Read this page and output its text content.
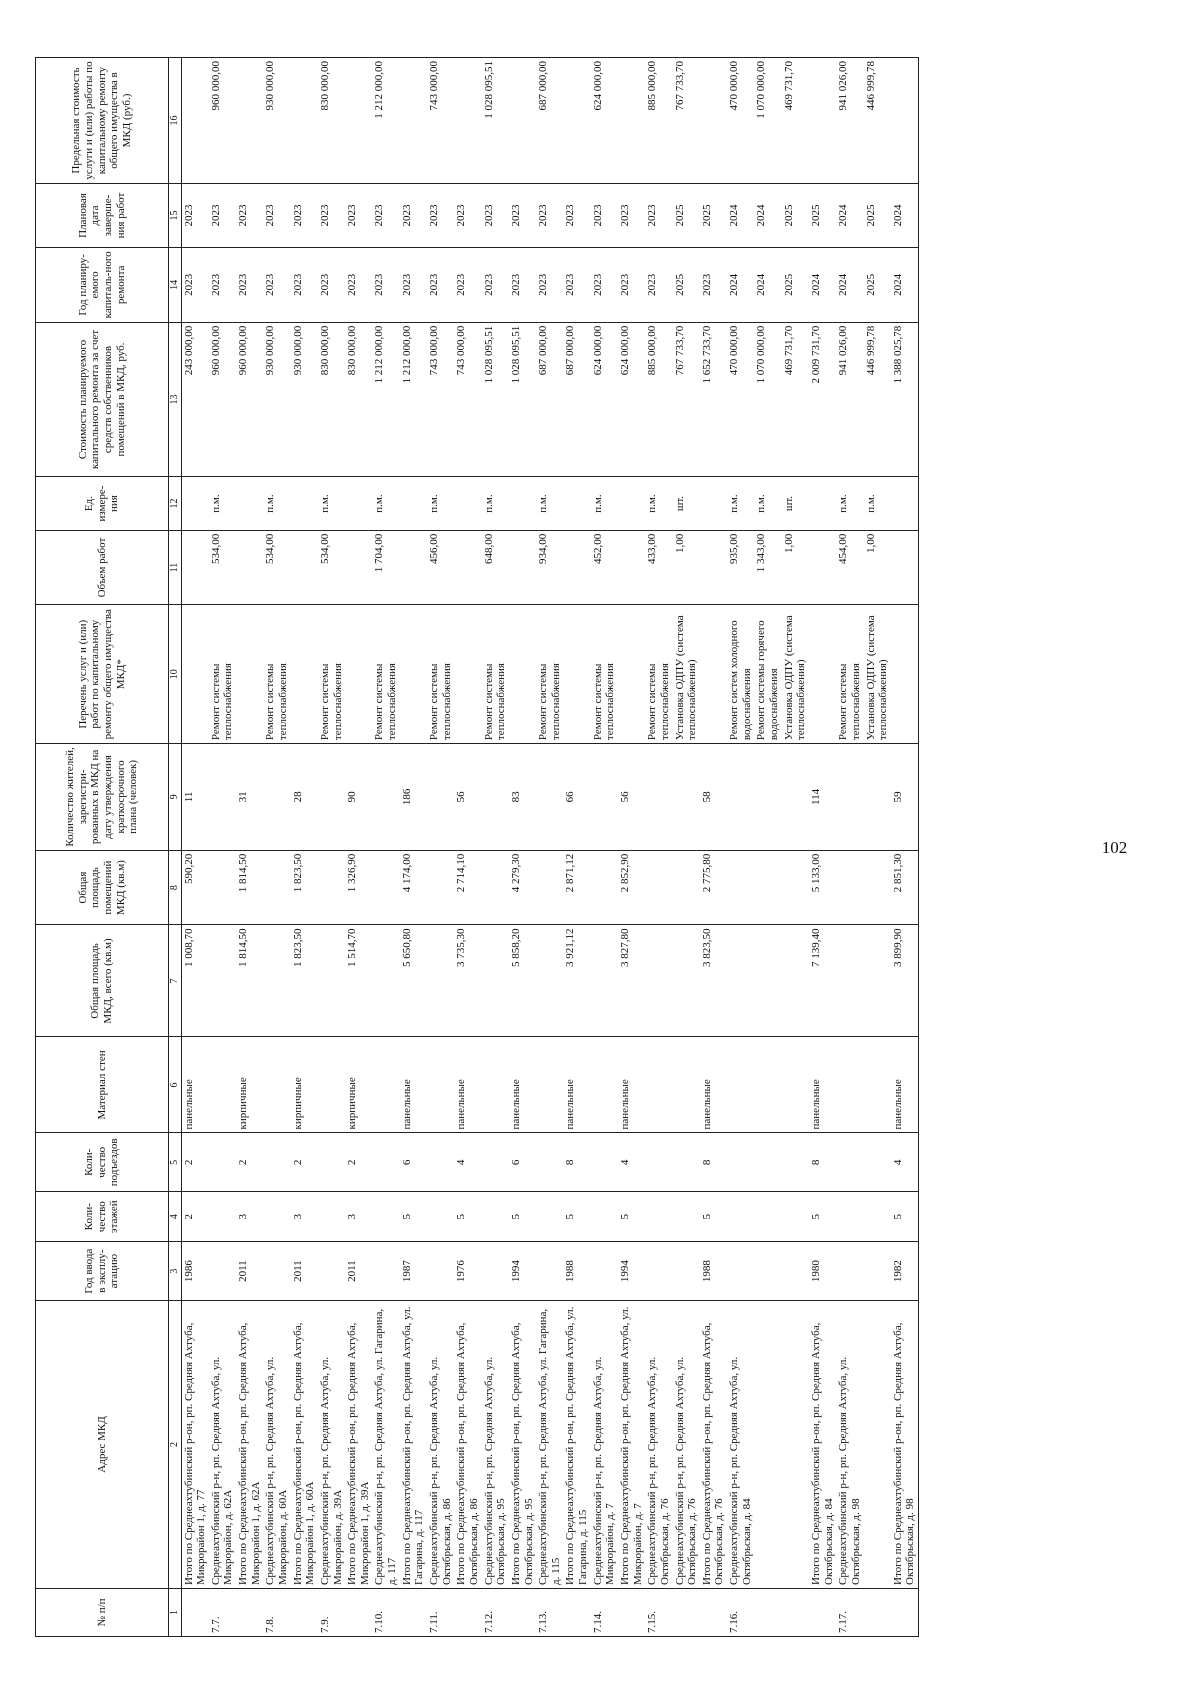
102
№ п/п	Адрес МКД	Год ввода в эксплу-атацию	Коли-чество этажей	Коли-чество подъездов	Материал стен	Общая площадь МКД, всего (кв.м)	Общая площадь помещений МКД (кв.м)	Количество жителей, зарегистри-рованных в МКД на дату утверждения краткосрочного плана (человек)	Перечень услуг и (или) работ по капитальному ремонту общего имущества МКД*	Объем работ	Ед. измере-ния	Стоимость планируемого капитального ремонта за счет средств собственников помещений в МКД, руб.	Год планиру-емого капиталь-ного ремонта	Плановая дата заверше-ния работ	Предельная стоимость услуги и (или) работы по капитальному ремонту общего имущества в МКД (руб.)
1	2	3	4	5	6	7	8	9	10	11	12	13	14	15	16
	Итого по Среднеахтубинский р-он, рп. Средняя Ахтуба, Микрорайон 1, д. 77	1986	2	2	панельные	1 008,70	590,20	11				243 000,00	2023	2023	
7.7.	Среднеахтубинский р-н, рп. Средняя Ахтуба, ул. Микрорайон, д. 62А								Ремонт системы теплоснабжения	534,00	п.м.	960 000,00	2023	2023	960 000,00
	Итого по Среднеахтубинский р-он, рп. Средняя Ахтуба, Микрорайон 1, д. 62А	2011	3	2	кирпичные	1 814,50	1 814,50	31				960 000,00	2023	2023	
7.8.	Среднеахтубинский р-н, рп. Средняя Ахтуба, ул. Микрорайон, д. 60А								Ремонт системы теплоснабжения	534,00	п.м.	930 000,00	2023	2023	930 000,00
	Итого по Среднеахтубинский р-он, рп. Средняя Ахтуба, Микрорайон 1, д. 60А	2011	3	2	кирпичные	1 823,50	1 823,50	28				930 000,00	2023	2023	
7.9.	Среднеахтубинский р-н, рп. Средняя Ахтуба, ул. Микрорайон, д. 39А								Ремонт системы теплоснабжения	534,00	п.м.	830 000,00	2023	2023	830 000,00
	Итого по Среднеахтубинский р-он, рп. Средняя Ахтуба, Микрорайон 1, д. 39А	2011	3	2	кирпичные	1 514,70	1 326,90	90				830 000,00	2023	2023	
7.10.	Среднеахтубинский р-н, рп. Средняя Ахтуба, ул. Гагарина, д. 117								Ремонт системы теплоснабжения	1 704,00	п.м.	1 212 000,00	2023	2023	1 212 000,00
	Итого по Среднеахтубинский р-он, рп. Средняя Ахтуба, ул. Гагарина, д. 117	1987	5	6	панельные	5 650,80	4 174,00	186				1 212 000,00	2023	2023	
7.11.	Среднеахтубинский р-н, рп. Средняя Ахтуба, ул. Октябрьская, д. 86								Ремонт системы теплоснабжения	456,00	п.м.	743 000,00	2023	2023	743 000,00
	Итого по Среднеахтубинский р-он, рп. Средняя Ахтуба, Октябрьская, д. 86	1976	5	4	панельные	3 735,30	2 714,10	56				743 000,00	2023	2023	
7.12.	Среднеахтубинский р-н, рп. Средняя Ахтуба, ул. Октябрьская, д. 95								Ремонт системы теплоснабжения	648,00	п.м.	1 028 095,51	2023	2023	1 028 095,51
	Итого по Среднеахтубинский р-он, рп. Средняя Ахтуба, Октябрьская, д. 95	1994	5	6	панельные	5 858,20	4 279,30	83				1 028 095,51	2023	2023	
7.13.	Среднеахтубинский р-н, рп. Средняя Ахтуба, ул. Гагарина, д. 115								Ремонт системы теплоснабжения	934,00	п.м.	687 000,00	2023	2023	687 000,00
	Итого по Среднеахтубинский р-он, рп. Средняя Ахтуба, ул. Гагарина, д. 115	1988	5	8	панельные	3 921,12	2 871,12	66				687 000,00	2023	2023	
7.14.	Среднеахтубинский р-н, рп. Средняя Ахтуба, ул. Микрорайон, д. 7								Ремонт системы теплоснабжения	452,00	п.м.	624 000,00	2023	2023	624 000,00
	Итого по Среднеахтубинский р-он, рп. Средняя Ахтуба, ул. Микрорайон, д. 7	1994	5	4	панельные	3 827,80	2 852,90	56				624 000,00	2023	2023	
7.15.	Среднеахтубинский р-н, рп. Средняя Ахтуба, ул. Октябрьская, д. 76								Ремонт системы теплоснабжения	433,00	п.м.	885 000,00	2023	2023	885 000,00
	Среднеахтубинский р-н, рп. Средняя Ахтуба, ул. Октябрьская, д. 76								Установка ОДПУ (система теплоснабжения)	1,00	шт.	767 733,70	2025	2025	767 733,70
	Итого по Среднеахтубинский р-он, рп. Средняя Ахтуба, Октябрьская, д. 76	1988	5	8	панельные	3 823,50	2 775,80	58				1 652 733,70	2023	2025	
7.16.	Среднеахтубинский р-н, рп. Средняя Ахтуба, ул. Октябрьская, д. 84								Ремонт систем холодного водоснабжения	935,00	п.м.	470 000,00	2024	2024	470 000,00
									Ремонт системы горячего водоснабжения	1 343,00	п.м.	1 070 000,00	2024	2024	1 070 000,00
									Установка ОДПУ (система теплоснабжения)	1,00	шт.	469 731,70	2025	2025	469 731,70
	Итого по Среднеахтубинский р-он, рп. Средняя Ахтуба, Октябрьская, д. 84	1980	5	8	панельные	7 139,40	5 133,00	114				2 009 731,70	2024	2025	
7.17.	Среднеахтубинский р-н, рп. Средняя Ахтуба, ул. Октябрьская, д. 98								Ремонт системы теплоснабжения	454,00	п.м.	941 026,00	2024	2024	941 026,00
									Установка ОДПУ (система теплоснабжения)	1,00	п.м.	446 999,78	2025	2025	446 999,78
	Итого по Среднеахтубинский р-он, рп. Средняя Ахтуба, Октябрьская, д. 98	1982	5	4	панельные	3 899,90	2 851,30	59				1 388 025,78	2024	2024	
